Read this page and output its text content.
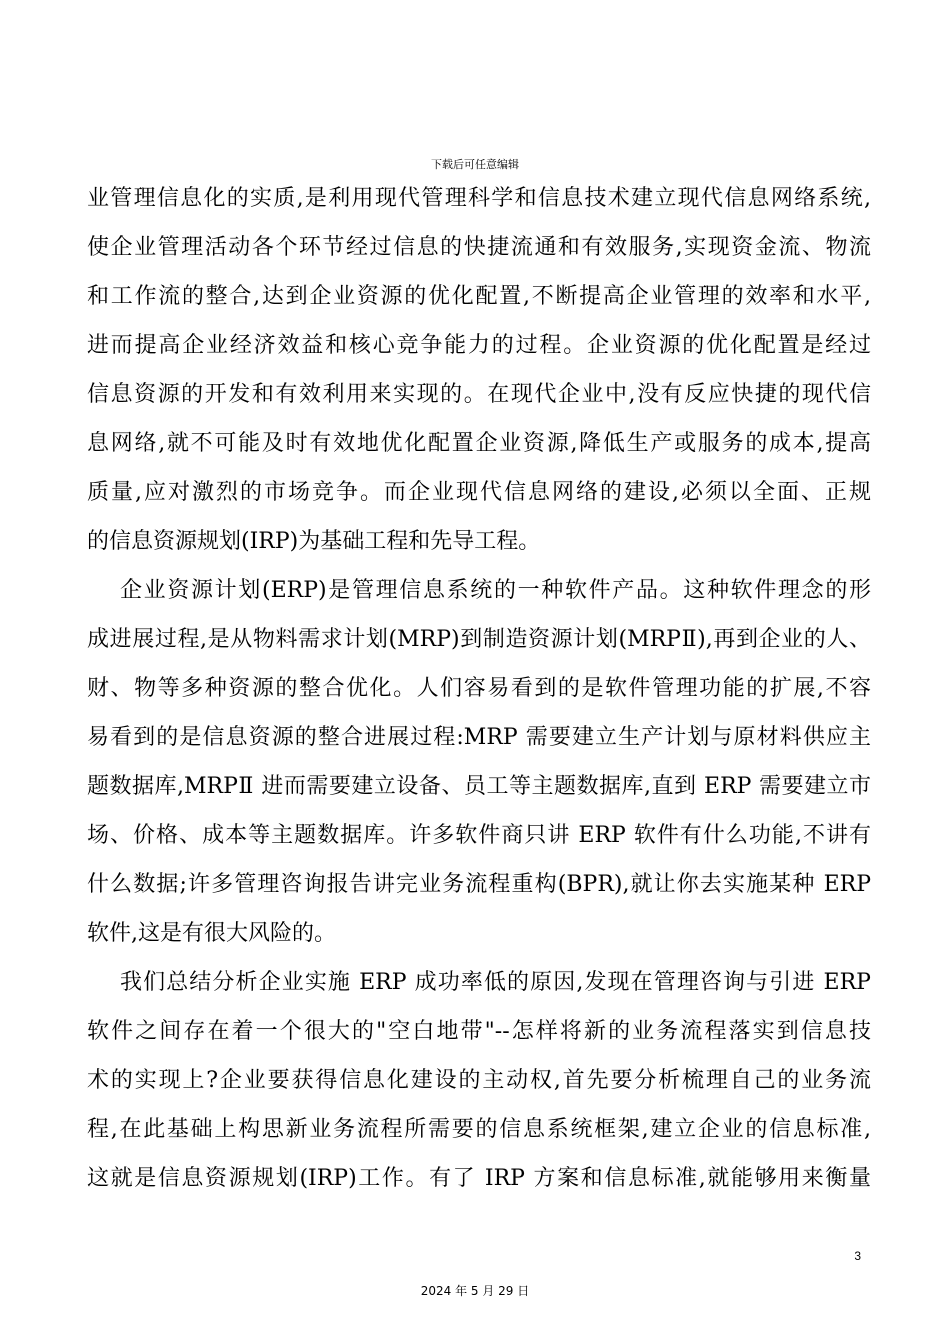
下载后可任意编辑
业管理信息化的实质,是利用现代管理科学和信息技术建立现代信息网络系统,
使企业管理活动各个环节经过信息的快捷流通和有效服务,实现资金流、物流
和工作流的整合,达到企业资源的优化配置,不断提高企业管理的效率和水平,
进而提高企业经济效益和核心竞争能力的过程。企业资源的优化配置是经过
信息资源的开发和有效利用来实现的。在现代企业中,没有反应快捷的现代信
息网络,就不可能及时有效地优化配置企业资源,降低生产或服务的成本,提高
质量,应对激烈的市场竞争。而企业现代信息网络的建设,必须以全面、正规
的信息资源规划(IRP)为基础工程和先导工程。
企业资源计划(ERP)是管理信息系统的一种软件产品。这种软件理念的形
成进展过程,是从物料需求计划(MRP)到制造资源计划(MRPⅡ),再到企业的人、
财、物等多种资源的整合优化。人们容易看到的是软件管理功能的扩展,不容
易看到的是信息资源的整合进展过程:MRP 需要建立生产计划与原材料供应主
题数据库,MRPⅡ 进而需要建立设备、员工等主题数据库,直到 ERP 需要建立市
场、价格、成本等主题数据库。许多软件商只讲 ERP 软件有什么功能,不讲有
什么数据;许多管理咨询报告讲完业务流程重构(BPR),就让你去实施某种 ERP
软件,这是有很大风险的。
我们总结分析企业实施 ERP 成功率低的原因,发现在管理咨询与引进 ERP
软件之间存在着一个很大的"空白地带"--怎样将新的业务流程落实到信息技
术的实现上?企业要获得信息化建设的主动权,首先要分析梳理自己的业务流
程,在此基础上构思新业务流程所需要的信息系统框架,建立企业的信息标准,
这就是信息资源规划(IRP)工作。有了 IRP 方案和信息标准,就能够用来衡量
3
2024 年 5 月 29 日
